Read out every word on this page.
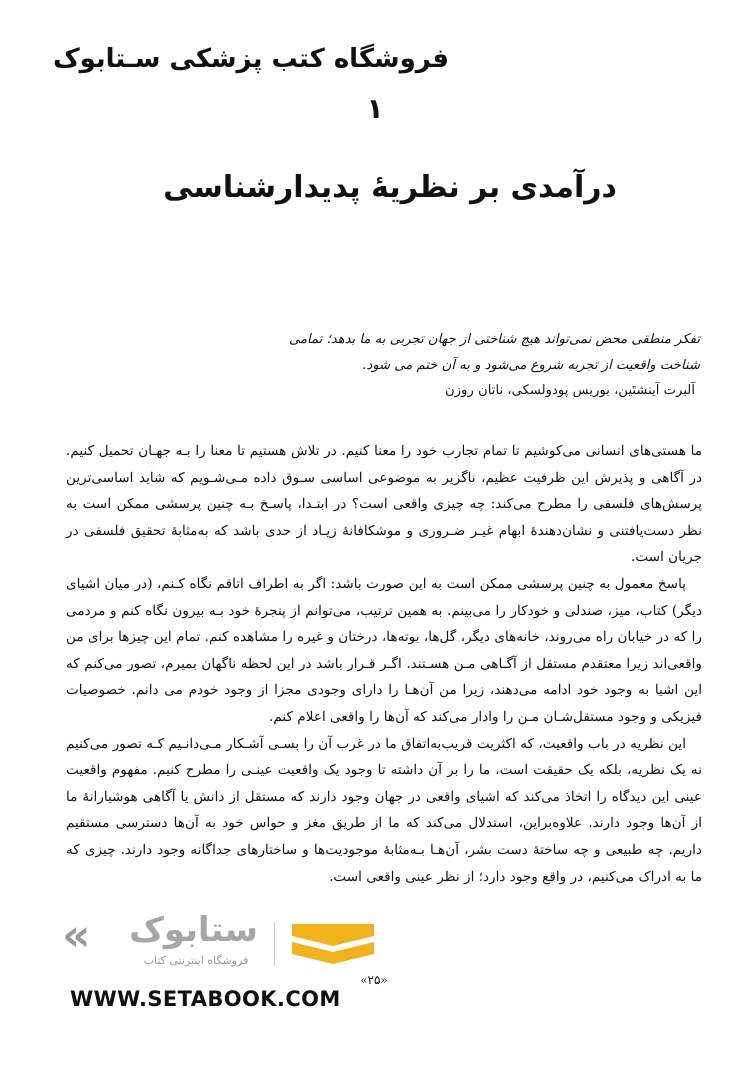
فروشگاه کتب پزشکی سـتابوک
۱
درآمدی بر نظریهٔ پدیدارشناسی
تفکر منطقی محض نمی‌تواند هیچ شناختی از جهان تجربی به ما بدهد؛ تمامی
شناخت واقعیت از تجربه شروع می‌شود و به آن ختم می شود.
آلبرت آینشتَین، بوریس پودولسکی، ناتان روزن

ما هستی‌های انسانی می‌کوشیم تا تمام تجارب خود را معنا کنیم. در تلاش هستیم تا معنا را بـه جهـان تحمیل کنیم. در آگاهی و پذیرش این ظرفیت عظیم، ناگزیر به موضوعی اساسی سـوق داده مـی‌شـویم که شاید اساسی‌ترین پرسش‌های فلسفی را مطرح می‌کند: چه چیزی واقعی است؟ در ابتـدا، پاسـخ بـه چنین پرسشی ممکن است به نظر دست‌یافتنی و نشان‌دهندهٔ ابهام غیـر ضـروری و موشکافانهٔ زیـاد از حدی باشد که به‌مثابهٔ تحقیق فلسفی در جریان است.

پاسخ معمول به چنین پرسشی ممکن است به این صورت باشد: اگر به اطراف اتاقم نگاه کـنم، (در میان اشیای دیگر) کتاب، میز، صندلی و خودکار را می‌بینم. به همین ترتیب، می‌توانم از پنجرهٔ خود بـه بیرون نگاه کنم و مردمی را که در خیابان راه می‌روند، خانه‌های دیگر، گل‌ها، بوته‌ها، درختان و غیره را مشاهده کنم. تمام این چیزها برای من واقعی‌اند زیرا معتقدم مستقل از آگـاهی مـن هسـتند. اگـر قـرار باشد در این لحظه ناگهان بمیرم، تصور می‌کنم که این اشیا به وجود خود ادامه می‌دهند، زیرا من آن‌هـا را دارای وجودی مجزا از وجود خودم می دانم. خصوصیات فیزیکی و وجود مستقل‌شـان مـن را وادار می‌کند که آن‌ها را واقعی اعلام کنم.

این نظریه در باب واقعیت، که اکثریت قریب‌به‌اتفاق ما در غرب آن را بسـی آشـکار مـی‌دانـیم کـه تصور می‌کنیم نه یک نظریه، بلکه یک حقیقت است، ما را بر آن داشته تا وجود یک واقعیت عینـی را مطرح کنیم. مفهوم واقعیت عینی این دیدگاه را اتخاذ می‌کند که اشیای واقعی در جهان وجود دارند که مستقل از دانش یا آگاهی هوشیارانهٔ ما از آن‌ها وجود دارند. علاوه‌براین، استدلال می‌کند که ما از طریق مغز و حواس خود به آن‌ها دسترسی مستقیم داریم. چه طبیعی و چه ساختهٔ دست بشر، آن‌هـا بـه‌مثابهٔ موجودیت‌ها و ساختارهای جداگانه وجود دارند. چیزی که ما به ادراک می‌کنیم، در واقع وجود دارد؛ از نظر عینی واقعی است.

« ستابوک
فروشگاه اینترنتی کتاب
«۲۵»
WWW.SETABOOK.COM
